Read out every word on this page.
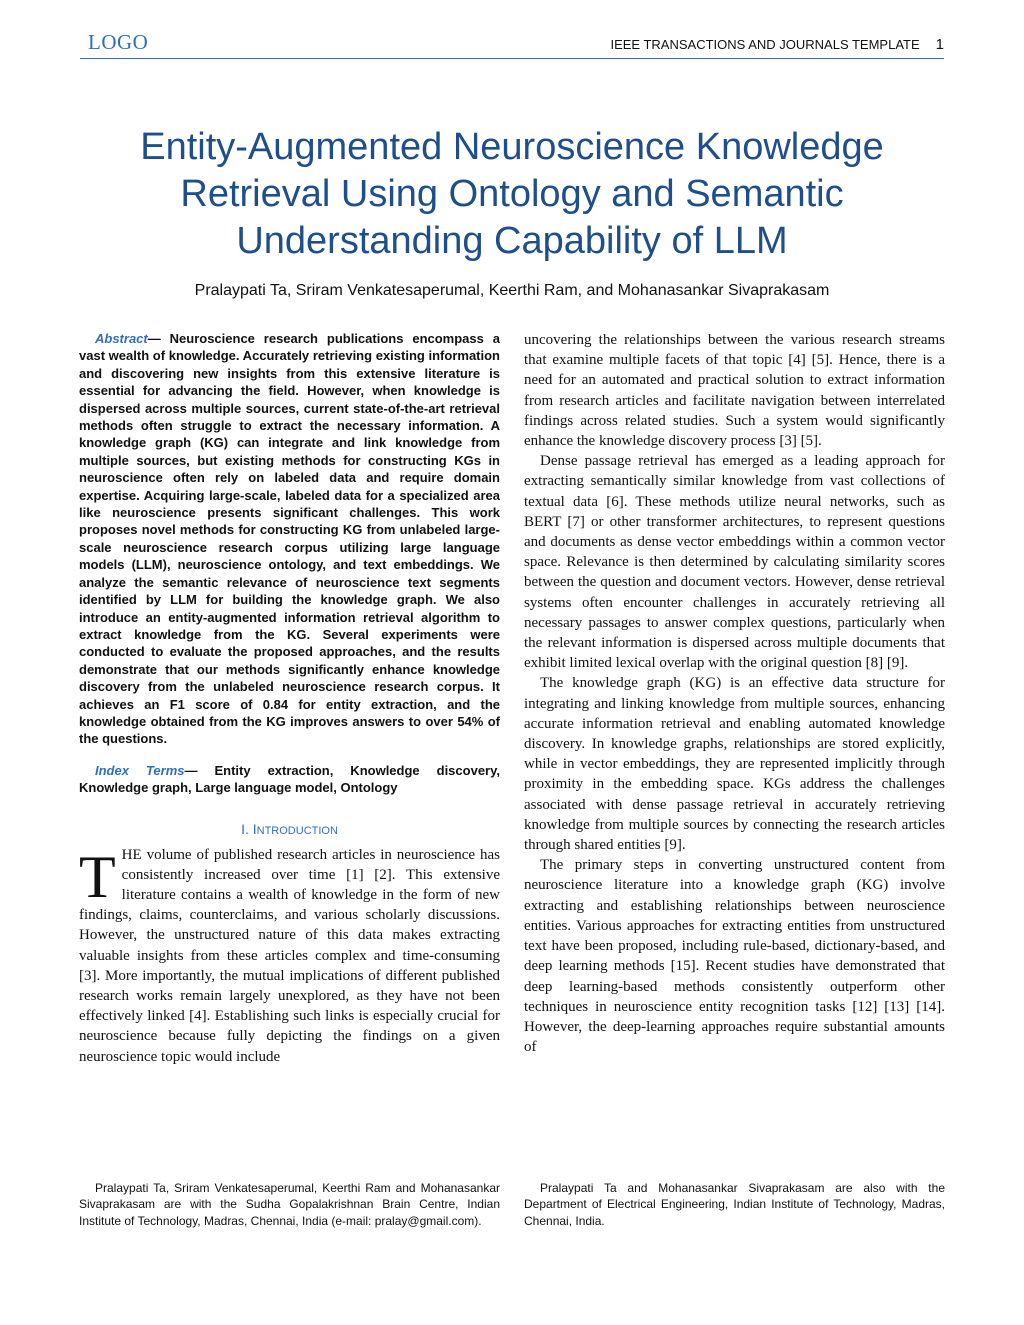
LOGO	IEEE TRANSACTIONS AND JOURNALS TEMPLATE 1
Entity-Augmented Neuroscience Knowledge
Retrieval Using Ontology and Semantic
Understanding Capability of LLM
Pralaypati Ta, Sriram Venkatesaperumal, Keerthi Ram, and Mohanasankar Sivaprakasam

Abstract— Neuroscience research publications encompass a vast wealth of knowledge. Accurately retrieving existing information and discovering new insights from this extensive literature is essential for advancing the field. However, when knowledge is dispersed across multiple sources, current state-of-the-art retrieval methods often struggle to extract the necessary information. A knowledge graph (KG) can integrate and link knowledge from multiple sources, but existing methods for constructing KGs in neuroscience often rely on labeled data and require domain expertise. Acquiring large-scale, labeled data for a specialized area like neuroscience presents significant challenges. This work proposes novel methods for constructing KG from unlabeled large-scale neuroscience research corpus utilizing large language models (LLM), neuroscience ontology, and text embeddings. We analyze the semantic relevance of neuroscience text segments identified by LLM for building the knowledge graph. We also introduce an entity-augmented information retrieval algorithm to extract knowledge from the KG. Several experiments were conducted to evaluate the proposed approaches, and the results demonstrate that our methods significantly enhance knowledge discovery from the unlabeled neuroscience research corpus. It achieves an F1 score of 0.84 for entity extraction, and the knowledge obtained from the KG improves answers to over 54% of the questions.

Index Terms— Entity extraction, Knowledge discovery, Knowledge graph, Large language model, Ontology

I. INTRODUCTION

THE volume of published research articles in neuroscience has consistently increased over time [1] [2]. This extensive literature contains a wealth of knowledge in the form of new findings, claims, counterclaims, and various scholarly discussions. However, the unstructured nature of this data makes extracting valuable insights from these articles complex and time-consuming [3]. More importantly, the mutual implications of different published research works remain largely unexplored, as they have not been effectively linked [4]. Establishing such links is especially crucial for neuroscience because fully depicting the findings on a given neuroscience topic would include

uncovering the relationships between the various research streams that examine multiple facets of that topic [4] [5]. Hence, there is a need for an automated and practical solution to extract information from research articles and facilitate navigation between interrelated findings across related studies. Such a system would significantly enhance the knowledge discovery process [3] [5].

Dense passage retrieval has emerged as a leading approach for extracting semantically similar knowledge from vast collections of textual data [6]. These methods utilize neural networks, such as BERT [7] or other transformer architectures, to represent questions and documents as dense vector embeddings within a common vector space. Relevance is then determined by calculating similarity scores between the question and document vectors. However, dense retrieval systems often encounter challenges in accurately retrieving all necessary passages to answer complex questions, particularly when the relevant information is dispersed across multiple documents that exhibit limited lexical overlap with the original question [8] [9].

The knowledge graph (KG) is an effective data structure for integrating and linking knowledge from multiple sources, enhancing accurate information retrieval and enabling automated knowledge discovery. In knowledge graphs, relationships are stored explicitly, while in vector embeddings, they are represented implicitly through proximity in the embedding space. KGs address the challenges associated with dense passage retrieval in accurately retrieving knowledge from multiple sources by connecting the research articles through shared entities [9].

The primary steps in converting unstructured content from neuroscience literature into a knowledge graph (KG) involve extracting and establishing relationships between neuroscience entities. Various approaches for extracting entities from unstructured text have been proposed, including rule-based, dictionary-based, and deep learning methods [15]. Recent studies have demonstrated that deep learning-based methods consistently outperform other techniques in neuroscience entity recognition tasks [12] [13] [14]. However, the deep-learning approaches require substantial amounts of

Pralaypati Ta, Sriram Venkatesaperumal, Keerthi Ram and Mohanasankar Sivaprakasam are with the Sudha Gopalakrishnan Brain Centre, Indian Institute of Technology, Madras, Chennai, India (e-mail: pralay@gmail.com).

Pralaypati Ta and Mohanasankar Sivaprakasam are also with the Department of Electrical Engineering, Indian Institute of Technology, Madras, Chennai, India.
